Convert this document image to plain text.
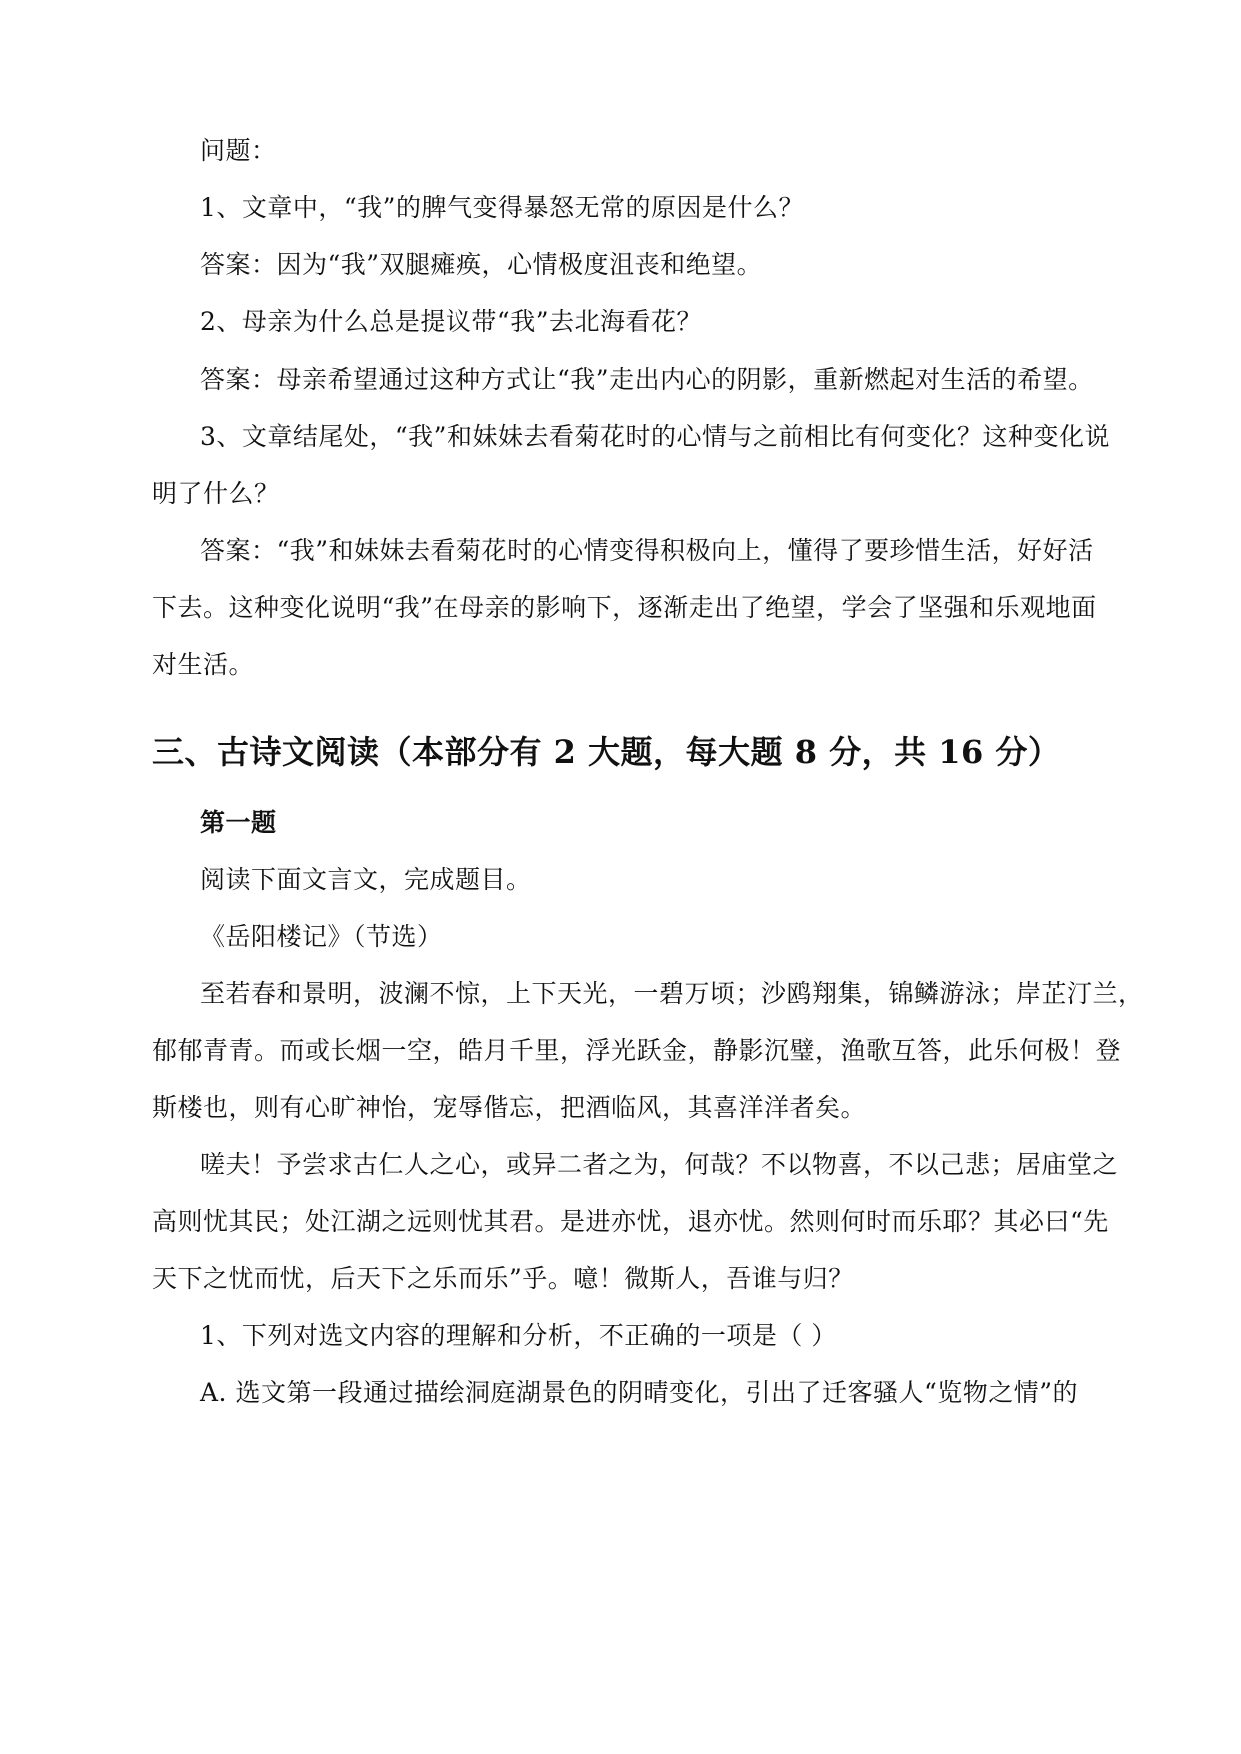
问题：
1、文章中，“我”的脾气变得暴怒无常的原因是什么？
答案：因为“我”双腿瘫痪，心情极度沮丧和绝望。
2、母亲为什么总是提议带“我”去北海看花？
答案：母亲希望通过这种方式让“我”走出内心的阴影，重新燃起对生活的希望。
3、文章结尾处，“我”和妹妹去看菊花时的心情与之前相比有何变化？这种变化说
明了什么？
答案：“我”和妹妹去看菊花时的心情变得积极向上，懂得了要珍惜生活，好好活
下去。这种变化说明“我”在母亲的影响下，逐渐走出了绝望，学会了坚强和乐观地面
对生活。
三、古诗文阅读（本部分有 2 大题，每大题 8 分，共 16 分）
第一题
阅读下面文言文，完成题目。
《岳阳楼记》（节选）
至若春和景明，波澜不惊，上下天光，一碧万顷；沙鸥翔集，锦鳞游泳；岸芷汀兰，
郁郁青青。而或长烟一空，皓月千里，浮光跃金，静影沉璧，渔歌互答，此乐何极！登
斯楼也，则有心旷神怡，宠辱偕忘，把酒临风，其喜洋洋者矣。
嗟夫！予尝求古仁人之心，或异二者之为，何哉？不以物喜，不以己悲；居庙堂之
高则忧其民；处江湖之远则忧其君。是进亦忧，退亦忧。然则何时而乐耶？其必曰“先
天下之忧而忧，后天下之乐而乐”乎。噫！微斯人，吾谁与归？
1、下列对选文内容的理解和分析，不正确的一项是（ ）
A. 选文第一段通过描绘洞庭湖景色的阴晴变化，引出了迁客骚人“览物之情”的
